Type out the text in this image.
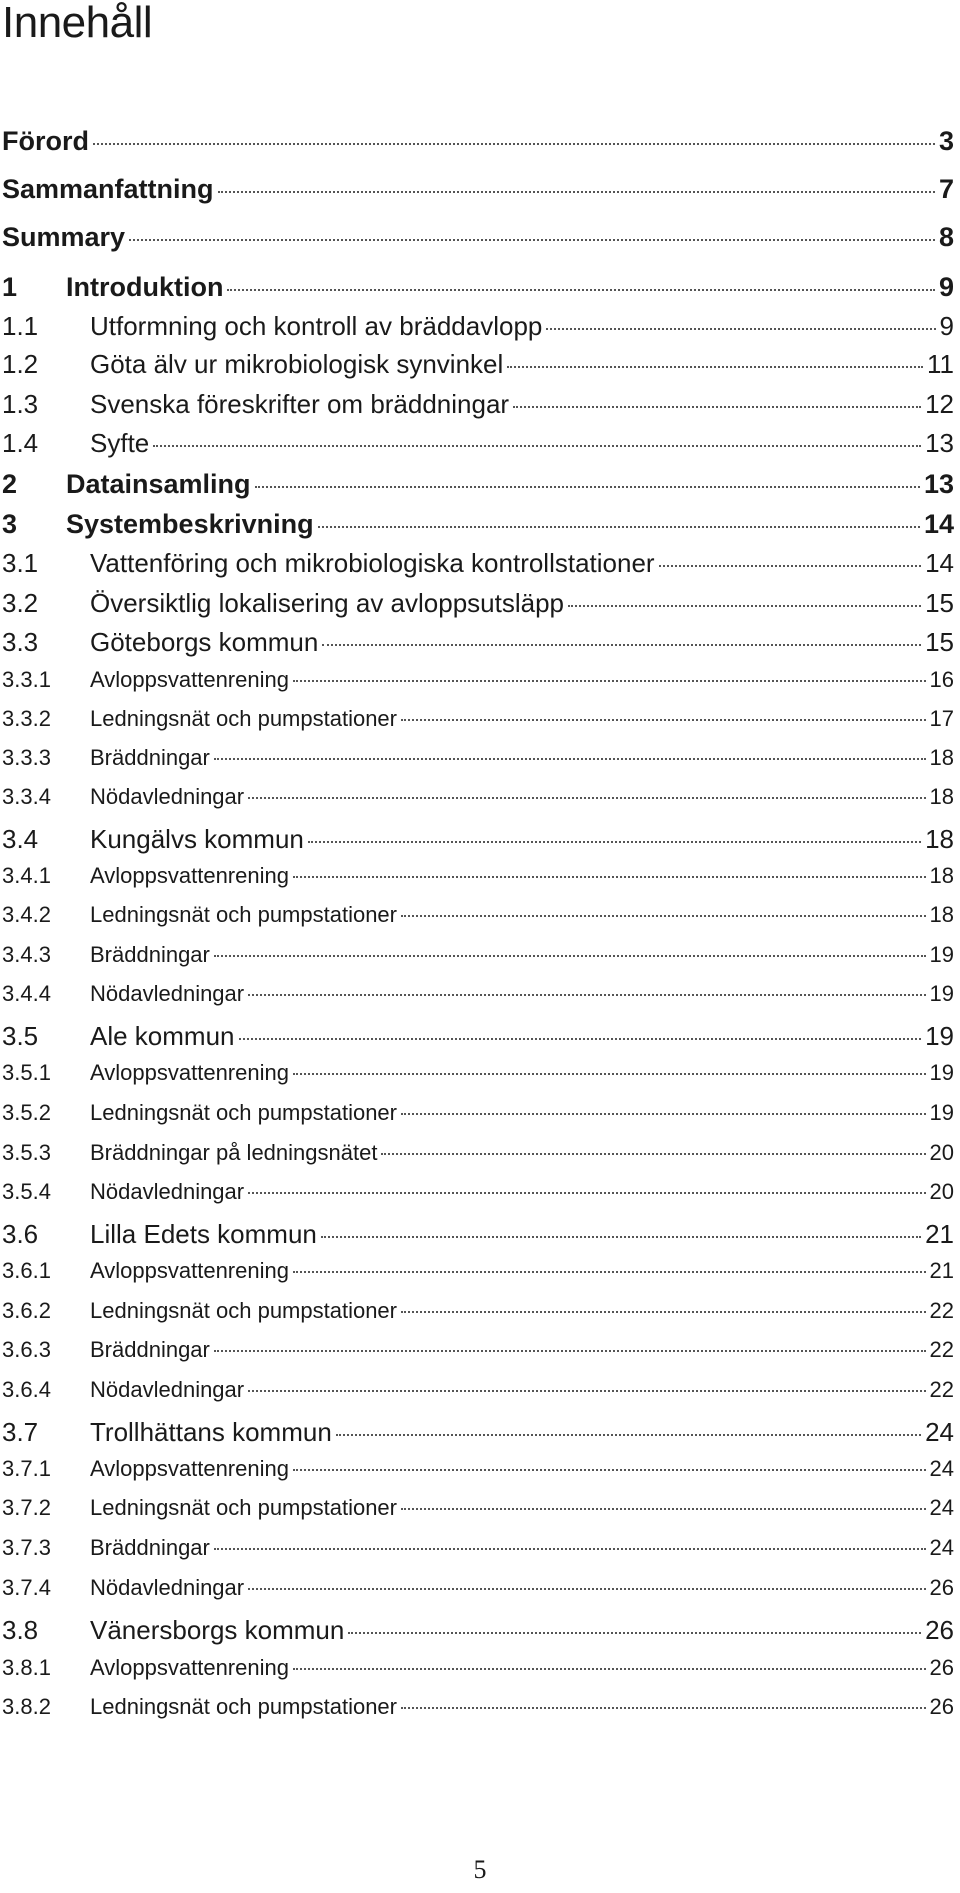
Innehåll
Förord	3
Sammanfattning	7
Summary	8
1	Introduktion	9
1.1	Utformning och kontroll av bräddavlopp	9
1.2	Göta älv ur mikrobiologisk synvinkel	11
1.3	Svenska föreskrifter om bräddningar	12
1.4	Syfte	13
2	Datainsamling	13
3	Systembeskrivning	14
3.1	Vattenföring och mikrobiologiska kontrollstationer	14
3.2	Översiktlig lokalisering av avloppsutsläpp	15
3.3	Göteborgs kommun	15
3.3.1	Avloppsvattenrening	16
3.3.2	Ledningsnät och pumpstationer	17
3.3.3	Bräddningar	18
3.3.4	Nödavledningar	18
3.4	Kungälvs kommun	18
3.4.1	Avloppsvattenrening	18
3.4.2	Ledningsnät och pumpstationer	18
3.4.3	Bräddningar	19
3.4.4	Nödavledningar	19
3.5	Ale kommun	19
3.5.1	Avloppsvattenrening	19
3.5.2	Ledningsnät och pumpstationer	19
3.5.3	Bräddningar på ledningsnätet	20
3.5.4	Nödavledningar	20
3.6	Lilla Edets kommun	21
3.6.1	Avloppsvattenrening	21
3.6.2	Ledningsnät och pumpstationer	22
3.6.3	Bräddningar	22
3.6.4	Nödavledningar	22
3.7	Trollhättans kommun	24
3.7.1	Avloppsvattenrening	24
3.7.2	Ledningsnät och pumpstationer	24
3.7.3	Bräddningar	24
3.7.4	Nödavledningar	26
3.8	Vänersborgs kommun	26
3.8.1	Avloppsvattenrening	26
3.8.2	Ledningsnät och pumpstationer	26
5
